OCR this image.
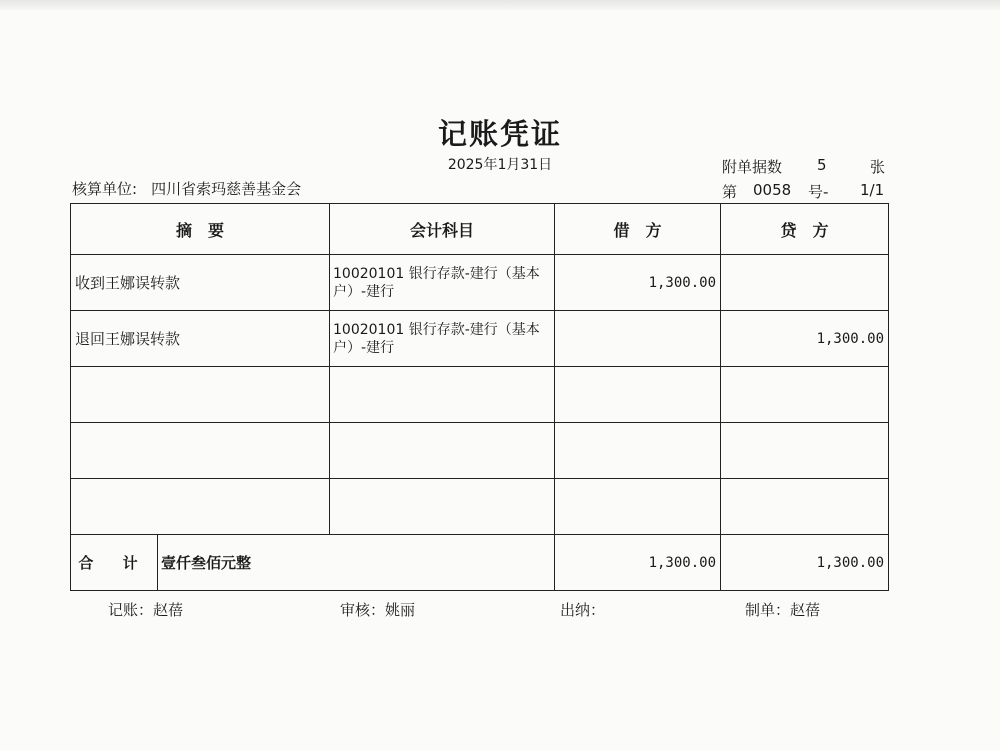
记账凭证
2025年1月31日
核算单位: 四川省索玛慈善基金会
附单据数 5	张
第 0058 号- 1/1
摘　要		会计科目	借　方	贷　方
收到王娜误转款		10020101 银行存款-建行（基本户）-建行	1,300.00	
退回王娜误转款		10020101 银行存款-建行（基本户）-建行		1,300.00

合 计	壹仟叁佰元整		1,300.00	1,300.00
记账：赵蓓	审核：姚丽	出纳：	制单：赵蓓
